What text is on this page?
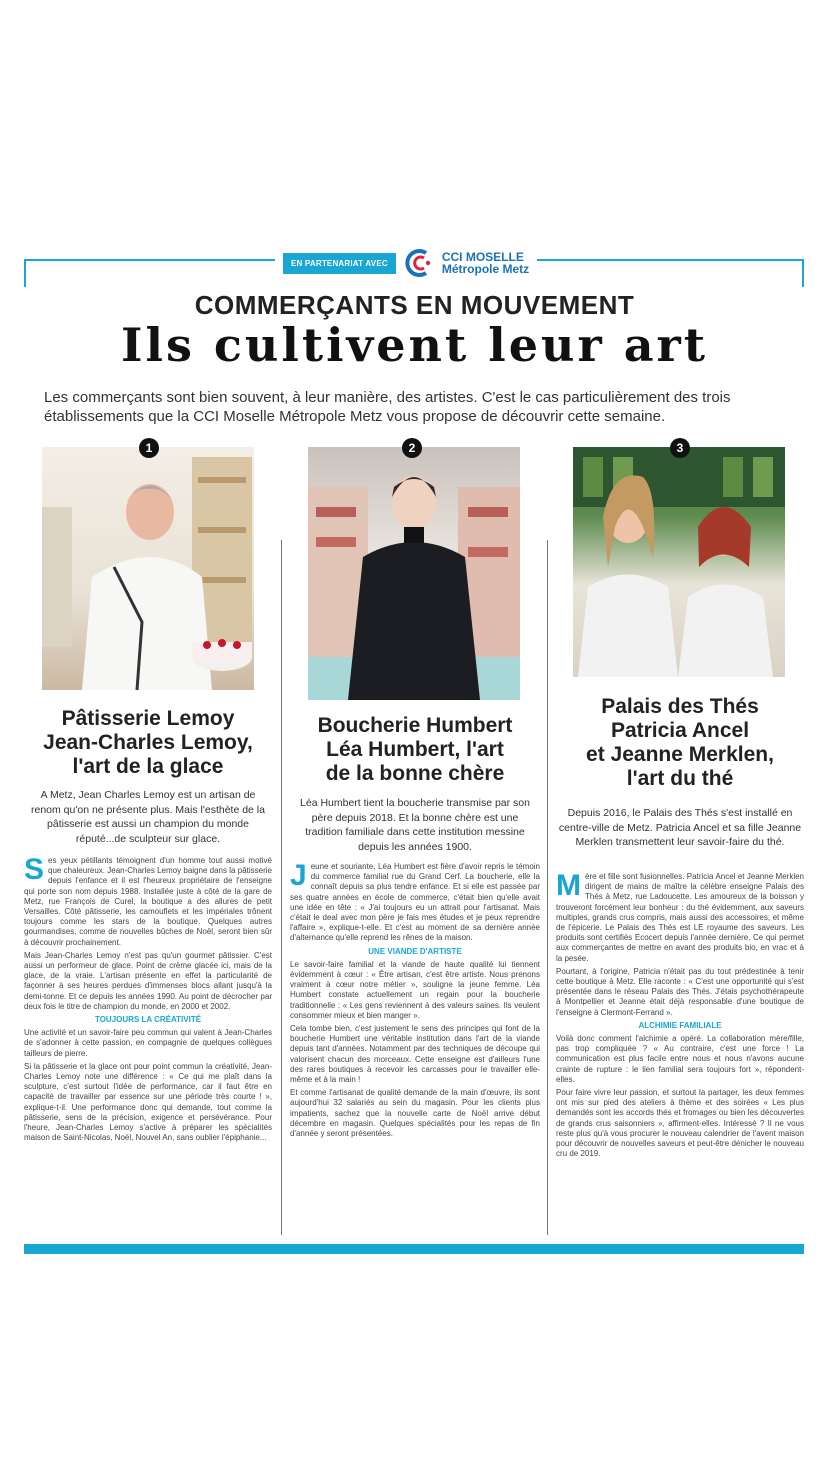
EN PARTENARIAT AVEC	CCI MOSELLE
Métropole Metz
COMMERÇANTS EN MOUVEMENT
Ils cultivent leur art
Les commerçants sont bien souvent, à leur manière, des artistes. C'est le cas particulièrement des trois établissements que la CCI Moselle Métropole Metz vous propose de découvrir cette semaine.
1	2	3
Pâtisserie Lemoy
Jean-Charles Lemoy,
l'art de la glace
A Metz, Jean Charles Lemoy est un artisan de renom qu'on ne présente plus. Mais l'esthète de la pâtisserie est aussi un champion du monde réputé...de sculpteur sur glace.

Ses yeux pétillants témoignent d'un homme tout aussi motivé que chaleureux. Jean-Charles Lemoy baigne dans la pâtisserie depuis l'enfance et il est l'heureux propriétaire de l'enseigne qui porte son nom depuis 1988. Installée juste à côté de la gare de Metz, rue François de Curel, la boutique a des allures de petit Versailles. Côté pâtisserie, les camouflets et les impériales trônent toujours comme les stars de la boutique. Quelques autres gourmandises, comme de nouvelles bûches de Noël, seront bien sûr à découvrir prochainement.

Mais Jean-Charles Lemoy n'est pas qu'un gourmet pâtissier. C'est aussi un performeur de glace. Point de crème glacée ici, mais de la glace, de la vraie. L'artisan présente en effet la particularité de façonner à ses heures perdues d'immenses blocs allant jusqu'à la demi-tonne. Et ce depuis les années 1990. Au point de décrocher par deux fois le titre de champion du monde, en 2000 et 2002.

TOUJOURS LA CRÉATIVITÉ

Une activité et un savoir-faire peu commun qui valent à Jean-Charles de s'adonner à cette passion, en compagnie de quelques collègues tailleurs de pierre.

Si la pâtisserie et la glace ont pour point commun la créativité, Jean-Charles Lemoy note une différence : « Ce qui me plaît dans la sculpture, c'est surtout l'idée de performance, car il faut être en capacité de travailler par essence sur une période très courte ! », explique-t-il. Une performance donc qui demande, tout comme la pâtisserie, sens de la précision, exigence et persévérance. Pour l'heure, Jean-Charles Lemoy s'active à préparer les spécialités maison de Saint-Nicolas, Noël, Nouvel An, sans oublier l'épiphanie...

Boucherie Humbert
Léa Humbert, l'art
de la bonne chère
Léa Humbert tient la boucherie transmise par son père depuis 2018. Et la bonne chère est une tradition familiale dans cette institution messine depuis les années 1900.

Jeune et souriante, Léa Humbert est fière d'avoir repris le témoin du commerce familial rue du Grand Cerf. La boucherie, elle la connaît depuis sa plus tendre enfance. Et si elle est passée par ses quatre années en école de commerce, c'était bien qu'elle avait une idée en tête : « J'ai toujours eu un attrait pour l'artisanat. Mais c'était le deal avec mon père je fais mes études et je peux reprendre l'affaire », explique-t-elle. Et c'est au moment de sa dernière année d'alternance qu'elle reprend les rênes de la maison.

UNE VIANDE D'ARTISTE

Le savoir-faire familial et la viande de haute qualité lui tiennent évidemment à cœur : « Être artisan, c'est être artiste. Nous prenons vraiment à cœur notre métier », souligne la jeune femme. Léa Humbert constate actuellement un regain pour la boucherie traditionnelle : « Les gens reviennent à des valeurs saines. Ils veulent consommer mieux et bien manger ».

Cela tombe bien, c'est justement le sens des principes qui font de la boucherie Humbert une véritable institution dans l'art de la viande depuis tant d'années. Notamment par des techniques de découpe qui valorisent chacun des morceaux. Cette enseigne est d'ailleurs l'une des rares boutiques à recevoir les carcasses pour le travailler elle-même et à la main !

Et comme l'artisanat de qualité demande de la main d'œuvre, ils sont aujourd'hui 32 salariés au sein du magasin. Pour les clients plus impatients, sachez que la nouvelle carte de Noël arrive début décembre en magasin. Quelques spécialités pour les repas de fin d'année y seront présentées.

Palais des Thés
Patricia Ancel
et Jeanne Merklen,
l'art du thé
Depuis 2016, le Palais des Thés s'est installé en centre-ville de Metz. Patricia Ancel et sa fille Jeanne Merklen transmettent leur savoir-faire du thé.

Mère et fille sont fusionnelles. Patricia Ancel et Jeanne Merklen dirigent de mains de maître la célèbre enseigne Palais des Thés à Metz, rue Ladoucette. Les amoureux de la boisson y trouveront forcément leur bonheur : du thé évidemment, aux saveurs multiples, grands crus compris, mais aussi des accessoires, et même de l'épicerie. Le Palais des Thés est LE royaume des saveurs. Les produits sont certifiés Ecocert depuis l'année dernière. Ce qui permet aux commerçantes de mettre en avant des produits bio, en vrac et à la pesée.

Pourtant, à l'origine, Patricia n'était pas du tout prédestinée à tenir cette boutique à Metz. Elle raconte : « C'est une opportunité qui s'est présentée dans le réseau Palais des Thés. J'étais psychothérapeute à Montpellier et Jeanne était déjà responsable d'une boutique de l'enseigne à Clermont-Ferrand ».

ALCHIMIE FAMILIALE

Voilà donc comment l'alchimie a opéré. La collaboration mère/fille, pas trop compliquée ? « Au contraire, c'est une force ! La communication est plus facile entre nous et nous n'avons aucune crainte de rupture : le lien familial sera toujours fort », répondent-elles.

Pour faire vivre leur passion, et surtout la partager, les deux femmes ont mis sur pied des ateliers à thème et des soirées « Les plus demandés sont les accords thés et fromages ou bien les découvertes de grands crus saisonniers », affirment-elles. Intéressé ? Il ne vous reste plus qu'à vous procurer le nouveau calendrier de l'avent maison pour découvrir de nouvelles saveurs et peut-être dénicher le nouveau cru de 2019.
